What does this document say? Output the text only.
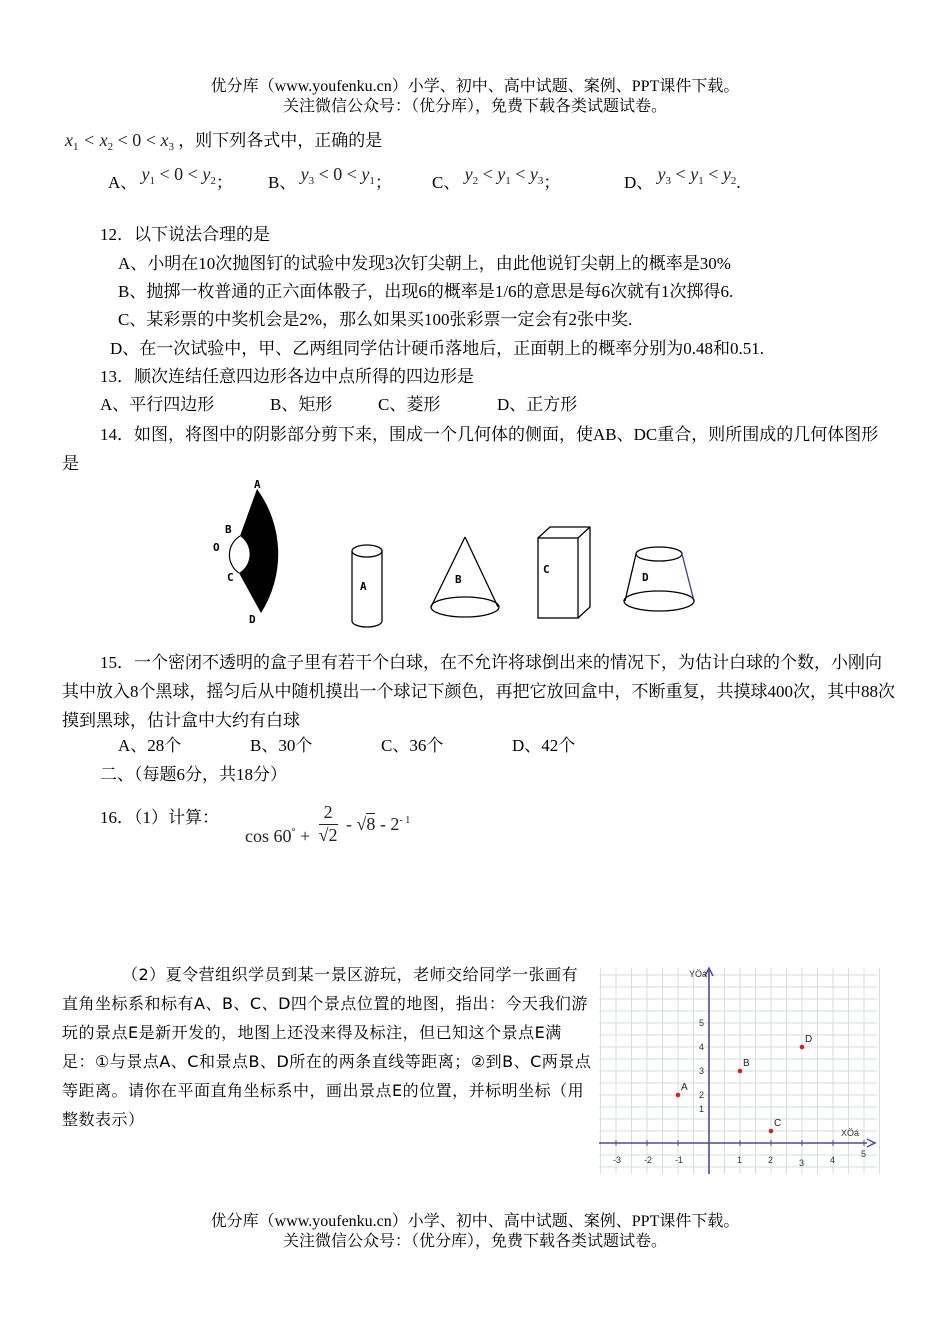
优分库（www.youfenku.cn）小学、初中、高中试题、案例、PPT课件下载。
关注微信公众号：（优分库），免费下载各类试题试卷。
$x_1 < x_2 < 0 < x_3$ ，则下列各式中，正确的是
A、 $y_1 < 0 < y_2$； B、 $y_3 < 0 < y_1$； C、 $y_2 < y_1 < y_3$；	D、 $y_3 < y_1 < y_2$.
12．以下说法合理的是
A、小明在10次抛图钉的试验中发现3次钉尖朝上，由此他说钉尖朝上的概率是30%
B、抛掷一枚普通的正六面体骰子，出现6的概率是1/6的意思是每6次就有1次掷得6.
C、某彩票的中奖机会是2%，那么如果买100张彩票一定会有2张中奖.
D、在一次试验中，甲、乙两组同学估计硬币落地后，正面朝上的概率分别为0.48和0.51.
13．顺次连结任意四边形各边中点所得的四边形是
A、平行四边形	B、矩形	C、菱形	D、正方形
14．如图，将图中的阴影部分剪下来，围成一个几何体的侧面，使AB、DC重合，则所围成的几何体图形是
A
B
O
C
D
A
B
C
D
15．一个密闭不透明的盒子里有若干个白球，在不允许将球倒出来的情况下，为估计白球的个数，小刚向其中放入8个黑球，摇匀后从中随机摸出一个球记下颜色，再把它放回盒中，不断重复，共摸球400次，其中88次摸到黑球，估计盒中大约有白球
A、28个	B、30个	C、36个	D、42个
二、（每题6分，共18分）
16．（1）计算：
$\cos 60^\circ + \frac{2}{√2} - √8 - 2^{- 1}$
（2）夏令营组织学员到某一景区游玩，老师交给同学一张画有直角坐标系和标有A、B、C、D四个景点位置的地图，指出：今天我们游玩的景点E是新开发的，地图上还没来得及标注，但已知这个景点E满足：①与景点A、C和景点B、D所在的两条直线等距离；②到B、C两景点等距离。请你在平面直角坐标系中，画出景点E的位置，并标明坐标（用整数表示）
-3	-2	-1	1	2	3	4
5
1
2
3
4
5
A
B
C
D
YÖá
XÖá
优分库（www.youfenku.cn）小学、初中、高中试题、案例、PPT课件下载。
关注微信公众号：（优分库），免费下载各类试题试卷。
